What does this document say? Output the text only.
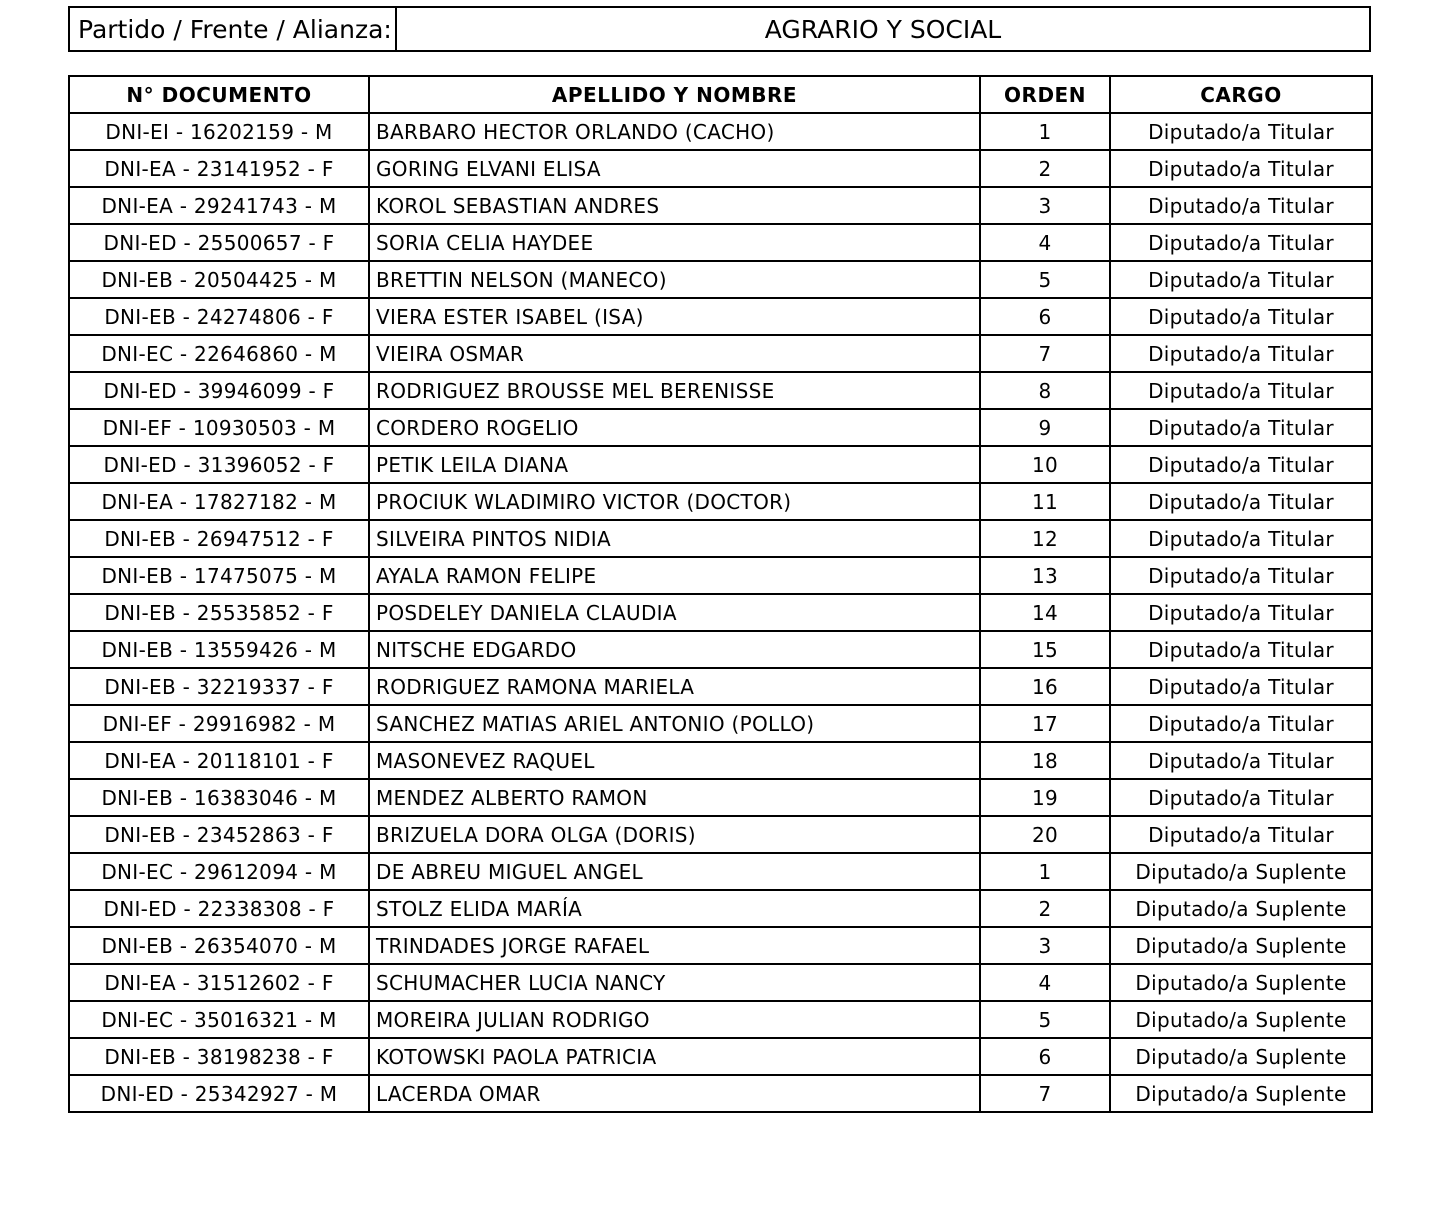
Partido / Frente / Alianza:	AGRARIO Y SOCIAL
N° DOCUMENTO	APELLIDO Y NOMBRE	ORDEN	CARGO
DNI-EI - 16202159 - M	BARBARO HECTOR ORLANDO (CACHO)	1	Diputado/a Titular
DNI-EA - 23141952 - F	GORING ELVANI ELISA	2	Diputado/a Titular
DNI-EA - 29241743 - M	KOROL SEBASTIAN ANDRES	3	Diputado/a Titular
DNI-ED - 25500657 - F	SORIA CELIA HAYDEE	4	Diputado/a Titular
DNI-EB - 20504425 - M	BRETTIN NELSON (MANECO)	5	Diputado/a Titular
DNI-EB - 24274806 - F	VIERA ESTER ISABEL (ISA)	6	Diputado/a Titular
DNI-EC - 22646860 - M	VIEIRA OSMAR	7	Diputado/a Titular
DNI-ED - 39946099 - F	RODRIGUEZ BROUSSE MEL BERENISSE	8	Diputado/a Titular
DNI-EF - 10930503 - M	CORDERO ROGELIO	9	Diputado/a Titular
DNI-ED - 31396052 - F	PETIK LEILA DIANA	10	Diputado/a Titular
DNI-EA - 17827182 - M	PROCIUK WLADIMIRO VICTOR (DOCTOR)	11	Diputado/a Titular
DNI-EB - 26947512 - F	SILVEIRA PINTOS NIDIA	12	Diputado/a Titular
DNI-EB - 17475075 - M	AYALA RAMON FELIPE	13	Diputado/a Titular
DNI-EB - 25535852 - F	POSDELEY DANIELA CLAUDIA	14	Diputado/a Titular
DNI-EB - 13559426 - M	NITSCHE EDGARDO	15	Diputado/a Titular
DNI-EB - 32219337 - F	RODRIGUEZ RAMONA MARIELA	16	Diputado/a Titular
DNI-EF - 29916982 - M	SANCHEZ MATIAS ARIEL ANTONIO (POLLO)	17	Diputado/a Titular
DNI-EA - 20118101 - F	MASONEVEZ RAQUEL	18	Diputado/a Titular
DNI-EB - 16383046 - M	MENDEZ ALBERTO RAMON	19	Diputado/a Titular
DNI-EB - 23452863 - F	BRIZUELA DORA OLGA (DORIS)	20	Diputado/a Titular
DNI-EC - 29612094 - M	DE ABREU MIGUEL ANGEL	1	Diputado/a Suplente
DNI-ED - 22338308 - F	STOLZ ELIDA MARÍA	2	Diputado/a Suplente
DNI-EB - 26354070 - M	TRINDADES JORGE RAFAEL	3	Diputado/a Suplente
DNI-EA - 31512602 - F	SCHUMACHER LUCIA NANCY	4	Diputado/a Suplente
DNI-EC - 35016321 - M	MOREIRA JULIAN RODRIGO	5	Diputado/a Suplente
DNI-EB - 38198238 - F	KOTOWSKI PAOLA PATRICIA	6	Diputado/a Suplente
DNI-ED - 25342927 - M	LACERDA OMAR	7	Diputado/a Suplente
